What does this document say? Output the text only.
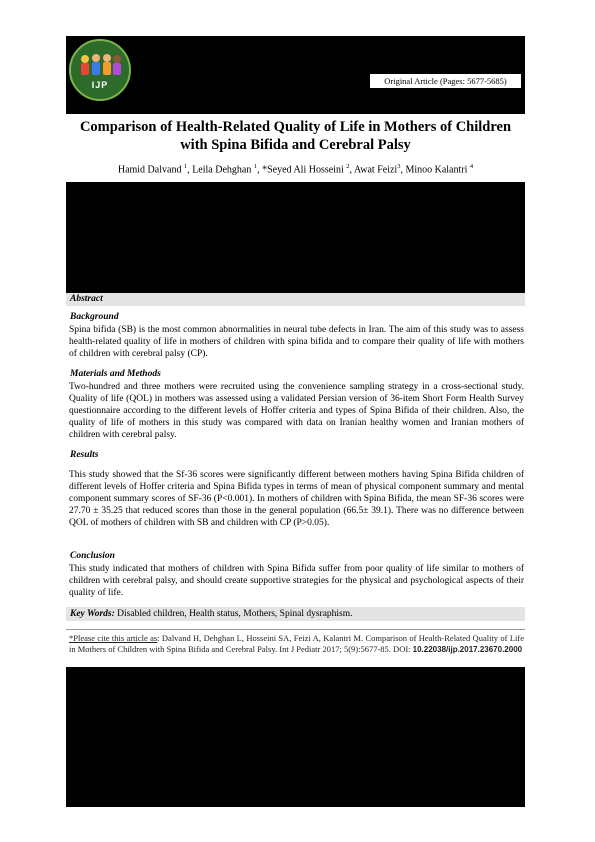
IJP	Original Article (Pages: 5677-5685)
Comparison of Health-Related Quality of Life in Mothers of Children with Spina Bifida and Cerebral Palsy
Hamid Dalvand $^1$, Leila Dehghan $^1$, *Seyed Ali Hosseini $^2$, Awat Feizi$^3$, Minoo Kalantri $^4$
Abstract
Background
Spina bifida (SB) is the most common abnormalities in neural tube defects in Iran. The aim of this study was to assess health-related quality of life in mothers of children with spina bifida and to compare their quality of life with mothers of children with cerebral palsy (CP).
Materials and Methods
Two-hundred and three mothers were recruited using the convenience sampling strategy in a cross-sectional study. Quality of life (QOL) in mothers was assessed using a validated Persian version of 36-item Short Form Health Survey questionnaire according to the different levels of Hoffer criteria and types of Spina Bifida of their children. Also, the quality of life of mothers in this study was compared with data on Iranian healthy women and Iranian mothers of children with cerebral palsy.
Results
This study showed that the Sf-36 scores were significantly different between mothers having Spina Bifida children of different levels of Hoffer criteria and Spina Bifida types in terms of mean of physical component summary and mental component summary scores of SF-36 (P<0.001). In mothers of children with Spina Bifida, the mean SF-36 scores were 27.70 ± 35.25 that reduced scores than those in the general population (66.5± 39.1). There was no difference between QOL of mothers of children with SB and children with CP (P>0.05).
Conclusion
This study indicated that mothers of children with Spina Bifida suffer from poor quality of life similar to mothers of children with cerebral palsy, and should create supportive strategies for the physical and psychological aspects of their quality of life.
Key Words: Disabled children, Health status, Mothers, Spinal dysraphism.
*Please cite this article as: Dalvand H, Dehghan L, Hosseini SA, Feizi A, Kalantri M. Comparison of Health-Related Quality of Life in Mothers of Children with Spina Bifida and Cerebral Palsy. Int J Pediatr 2017; 5(9):5677-85. DOI: 10.22038/ijp.2017.23670.2000
